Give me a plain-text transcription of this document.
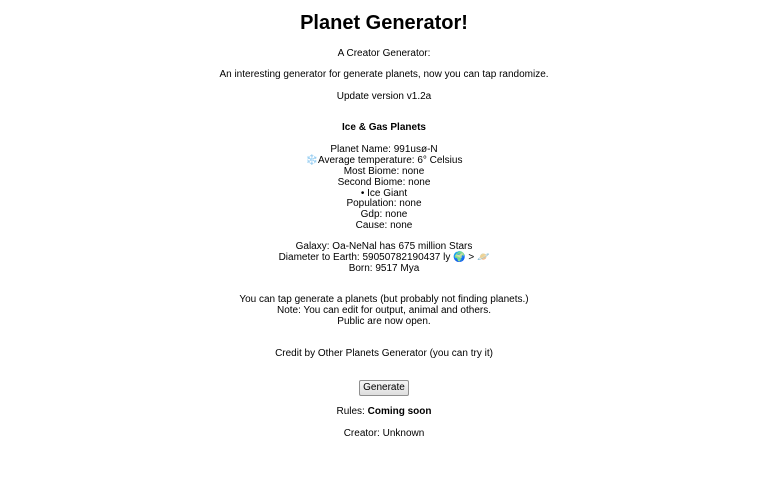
Planet Generator!
A Creator Generator:
An interesting generator for generate planets, now you can tap randomize.
Update version v1.2a
Ice & Gas Planets
Planet Name: 991usø-N
❄️Average temperature: 6° Celsius
Most Biome: none
Second Biome: none
• Ice Giant
Population: none
Gdp: none
Cause: none
Galaxy: Oa-NeNal has 675 million Stars
Diameter to Earth: 59050782190437 ly 🌍 > 🪐
Born: 9517 Mya
You can tap generate a planets (but probably not finding planets.)
Note: You can edit for output, animal and others.
Public are now open.
Credit by Other Planets Generator (you can try it)
Generate
Rules: Coming soon
Creator: Unknown
